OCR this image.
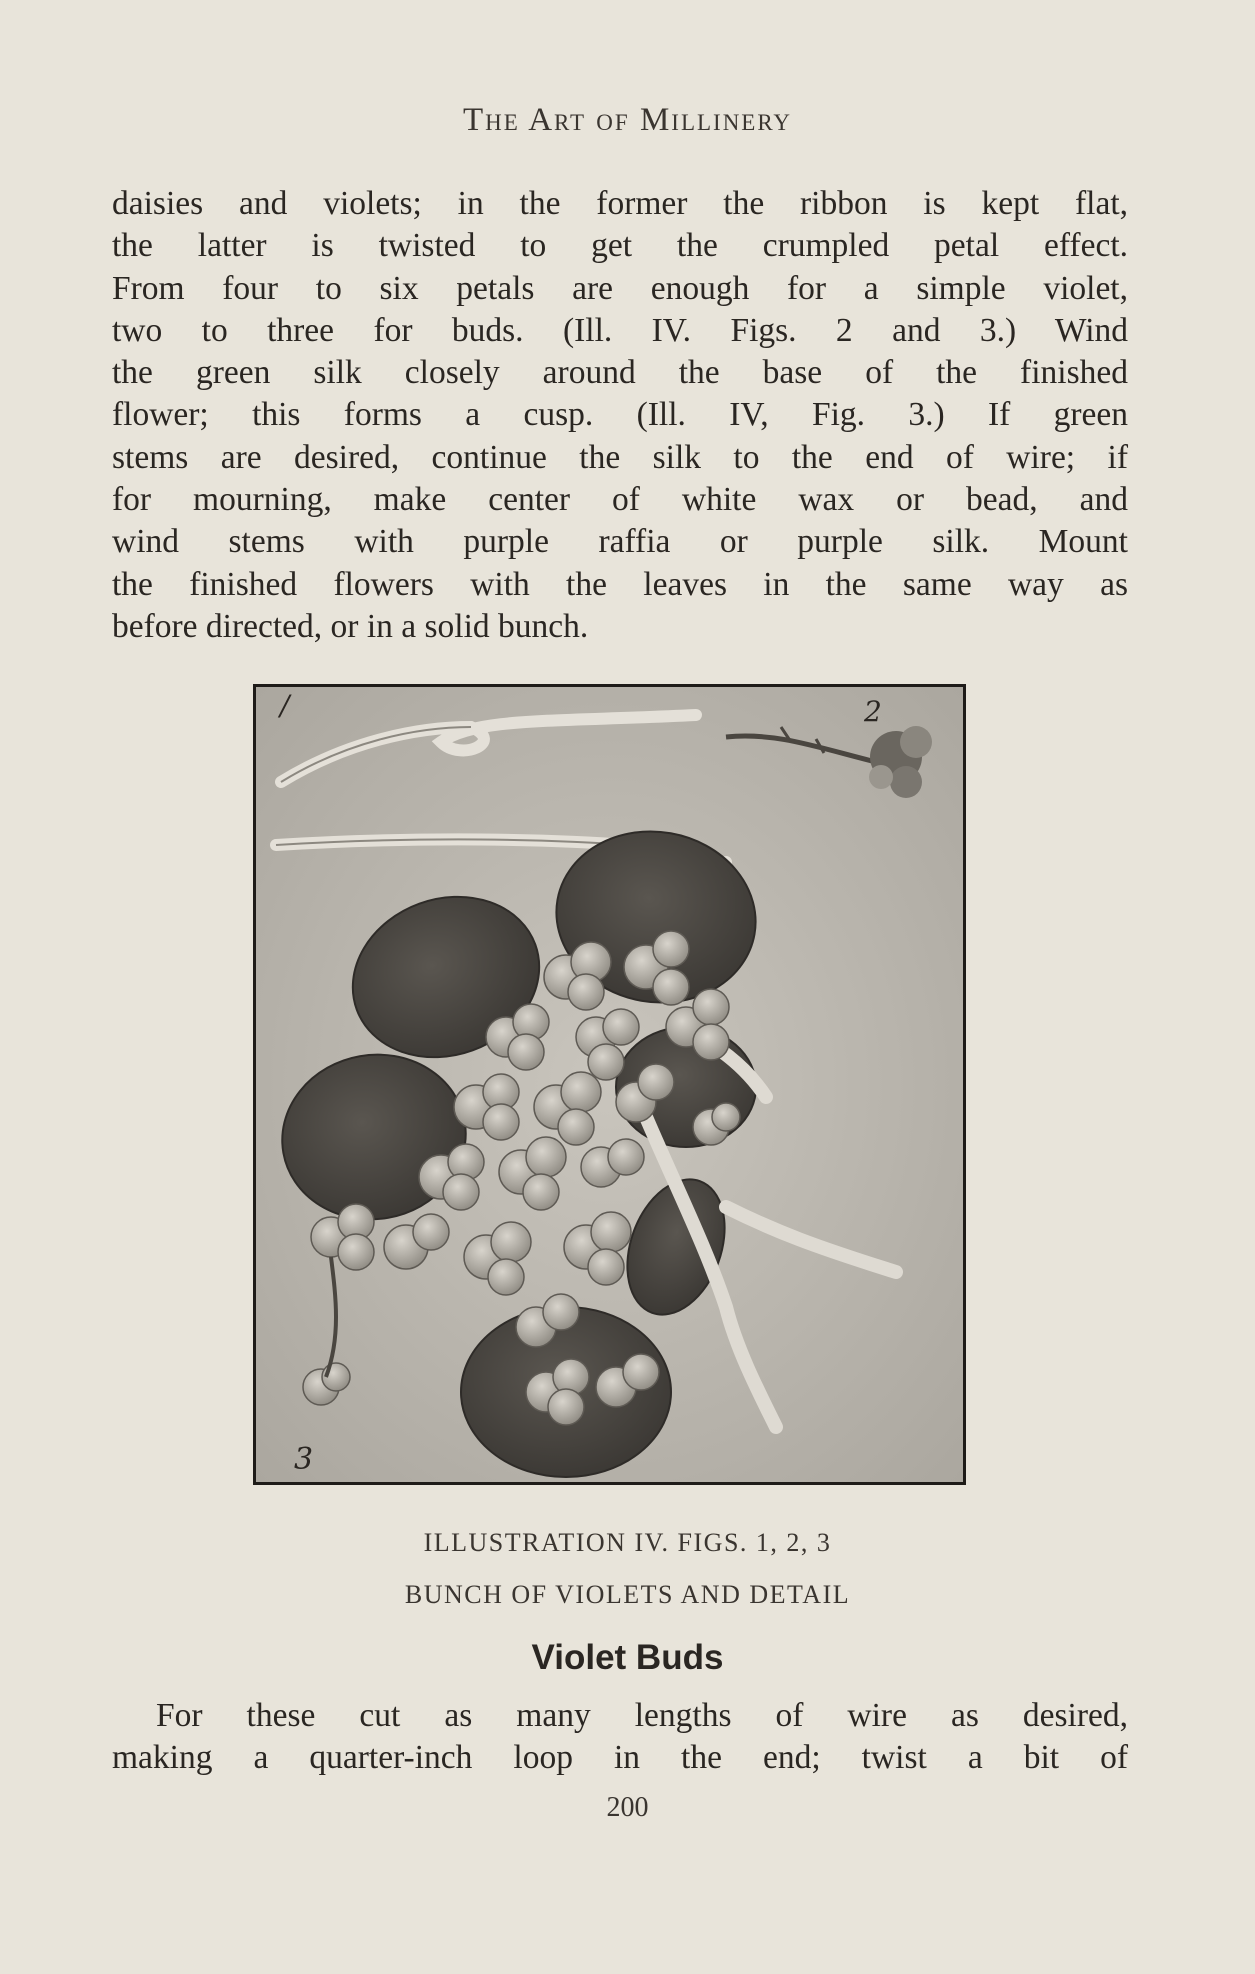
The Art of Millinery
daisies and violets; in the former the ribbon is kept flat,
the latter is twisted to get the crumpled petal effect.
From four to six petals are enough for a simple violet,
two to three for buds. (Ill. IV. Figs. 2 and 3.) Wind
the green silk closely around the base of the finished
flower; this forms a cusp. (Ill. IV, Fig. 3.) If green
stems are desired, continue the silk to the end of wire; if
for mourning, make center of white wax or bead, and
wind stems with purple raffia or purple silk. Mount
the finished flowers with the leaves in the same way as
before directed, or in a solid bunch.
/	2
3
ILLUSTRATION IV. FIGS. 1, 2, 3
BUNCH OF VIOLETS AND DETAIL
Violet Buds
For these cut as many lengths of wire as desired,
making a quarter-inch loop in the end; twist a bit of
200
